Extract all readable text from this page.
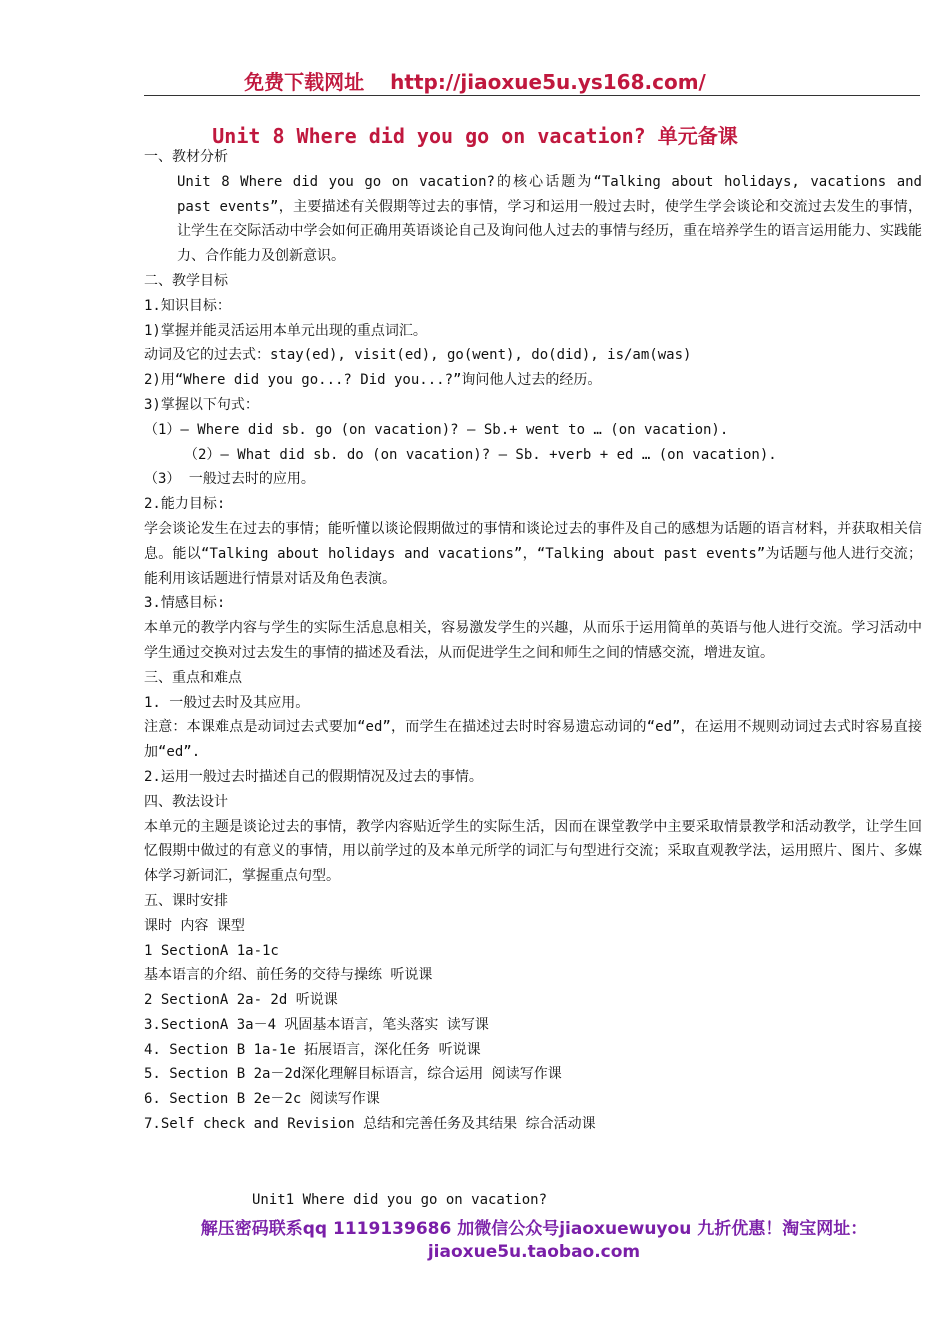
免费下载网址 http://jiaoxue5u.ys168.com/
Unit 8 Where did you go on vacation? 单元备课

一、教材分析

Unit 8 Where did you go on vacation?的核心话题为“Talking about holidays, vacations and past events”，主要描述有关假期等过去的事情，学习和运用一般过去时，使学生学会谈论和交流过去发生的事情，让学生在交际活动中学会如何正确用英语谈论自己及询问他人过去的事情与经历，重在培养学生的语言运用能力、实践能力、合作能力及创新意识。

二、教学目标

1.知识目标：

1)掌握并能灵活运用本单元出现的重点词汇。

动词及它的过去式：stay(ed), visit(ed), go(went), do(did), is/am(was)

2)用“Where did you go...? Did you...?”询问他人过去的经历。

3)掌握以下句式：

（1）— Where did sb. go (on vacation)? — Sb.+ went to … (on vacation).

（2）— What did sb. do (on vacation)? — Sb. +verb + ed … (on vacation).

（3） 一般过去时的应用。

2.能力目标:

学会谈论发生在过去的事情；能听懂以谈论假期做过的事情和谈论过去的事件及自己的感想为话题的语言材料，并获取相关信息。能以“Talking about holidays and vacations”，“Talking about past events”为话题与他人进行交流；能利用该话题进行情景对话及角色表演。

3.情感目标:

本单元的教学内容与学生的实际生活息息相关，容易激发学生的兴趣，从而乐于运用简单的英语与他人进行交流。学习活动中学生通过交换对过去发生的事情的描述及看法，从而促进学生之间和师生之间的情感交流，增进友谊。

三、重点和难点

1. 一般过去时及其应用。

注意：本课难点是动词过去式要加“ed”，而学生在描述过去时时容易遗忘动词的“ed”，在运用不规则动词过去式时容易直接加“ed”.

2.运用一般过去时描述自己的假期情况及过去的事情。

四、教法设计

本单元的主题是谈论过去的事情，教学内容贴近学生的实际生活，因而在课堂教学中主要采取情景教学和活动教学，让学生回忆假期中做过的有意义的事情，用以前学过的及本单元所学的词汇与句型进行交流；采取直观教学法，运用照片、图片、多媒体学习新词汇，掌握重点句型。

五、课时安排

课时 内容 课型

1 SectionA 1a-1c

基本语言的介绍、前任务的交待与操练 听说课

2 SectionA 2a- 2d 听说课

3.SectionA 3a－4 巩固基本语言，笔头落实 读写课

4. Section B 1a-1e 拓展语言，深化任务 听说课

5. Section B 2a－2d深化理解目标语言，综合运用 阅读写作课

6. Section B 2e－2c 阅读写作课

7.Self check and Revision 总结和完善任务及其结果 综合活动课

Unit1 Where did you go on vacation?
解压密码联系qq 1119139686 加微信公众号jiaoxuewuyou 九折优惠！淘宝网址：jiaoxue5u.taobao.com
